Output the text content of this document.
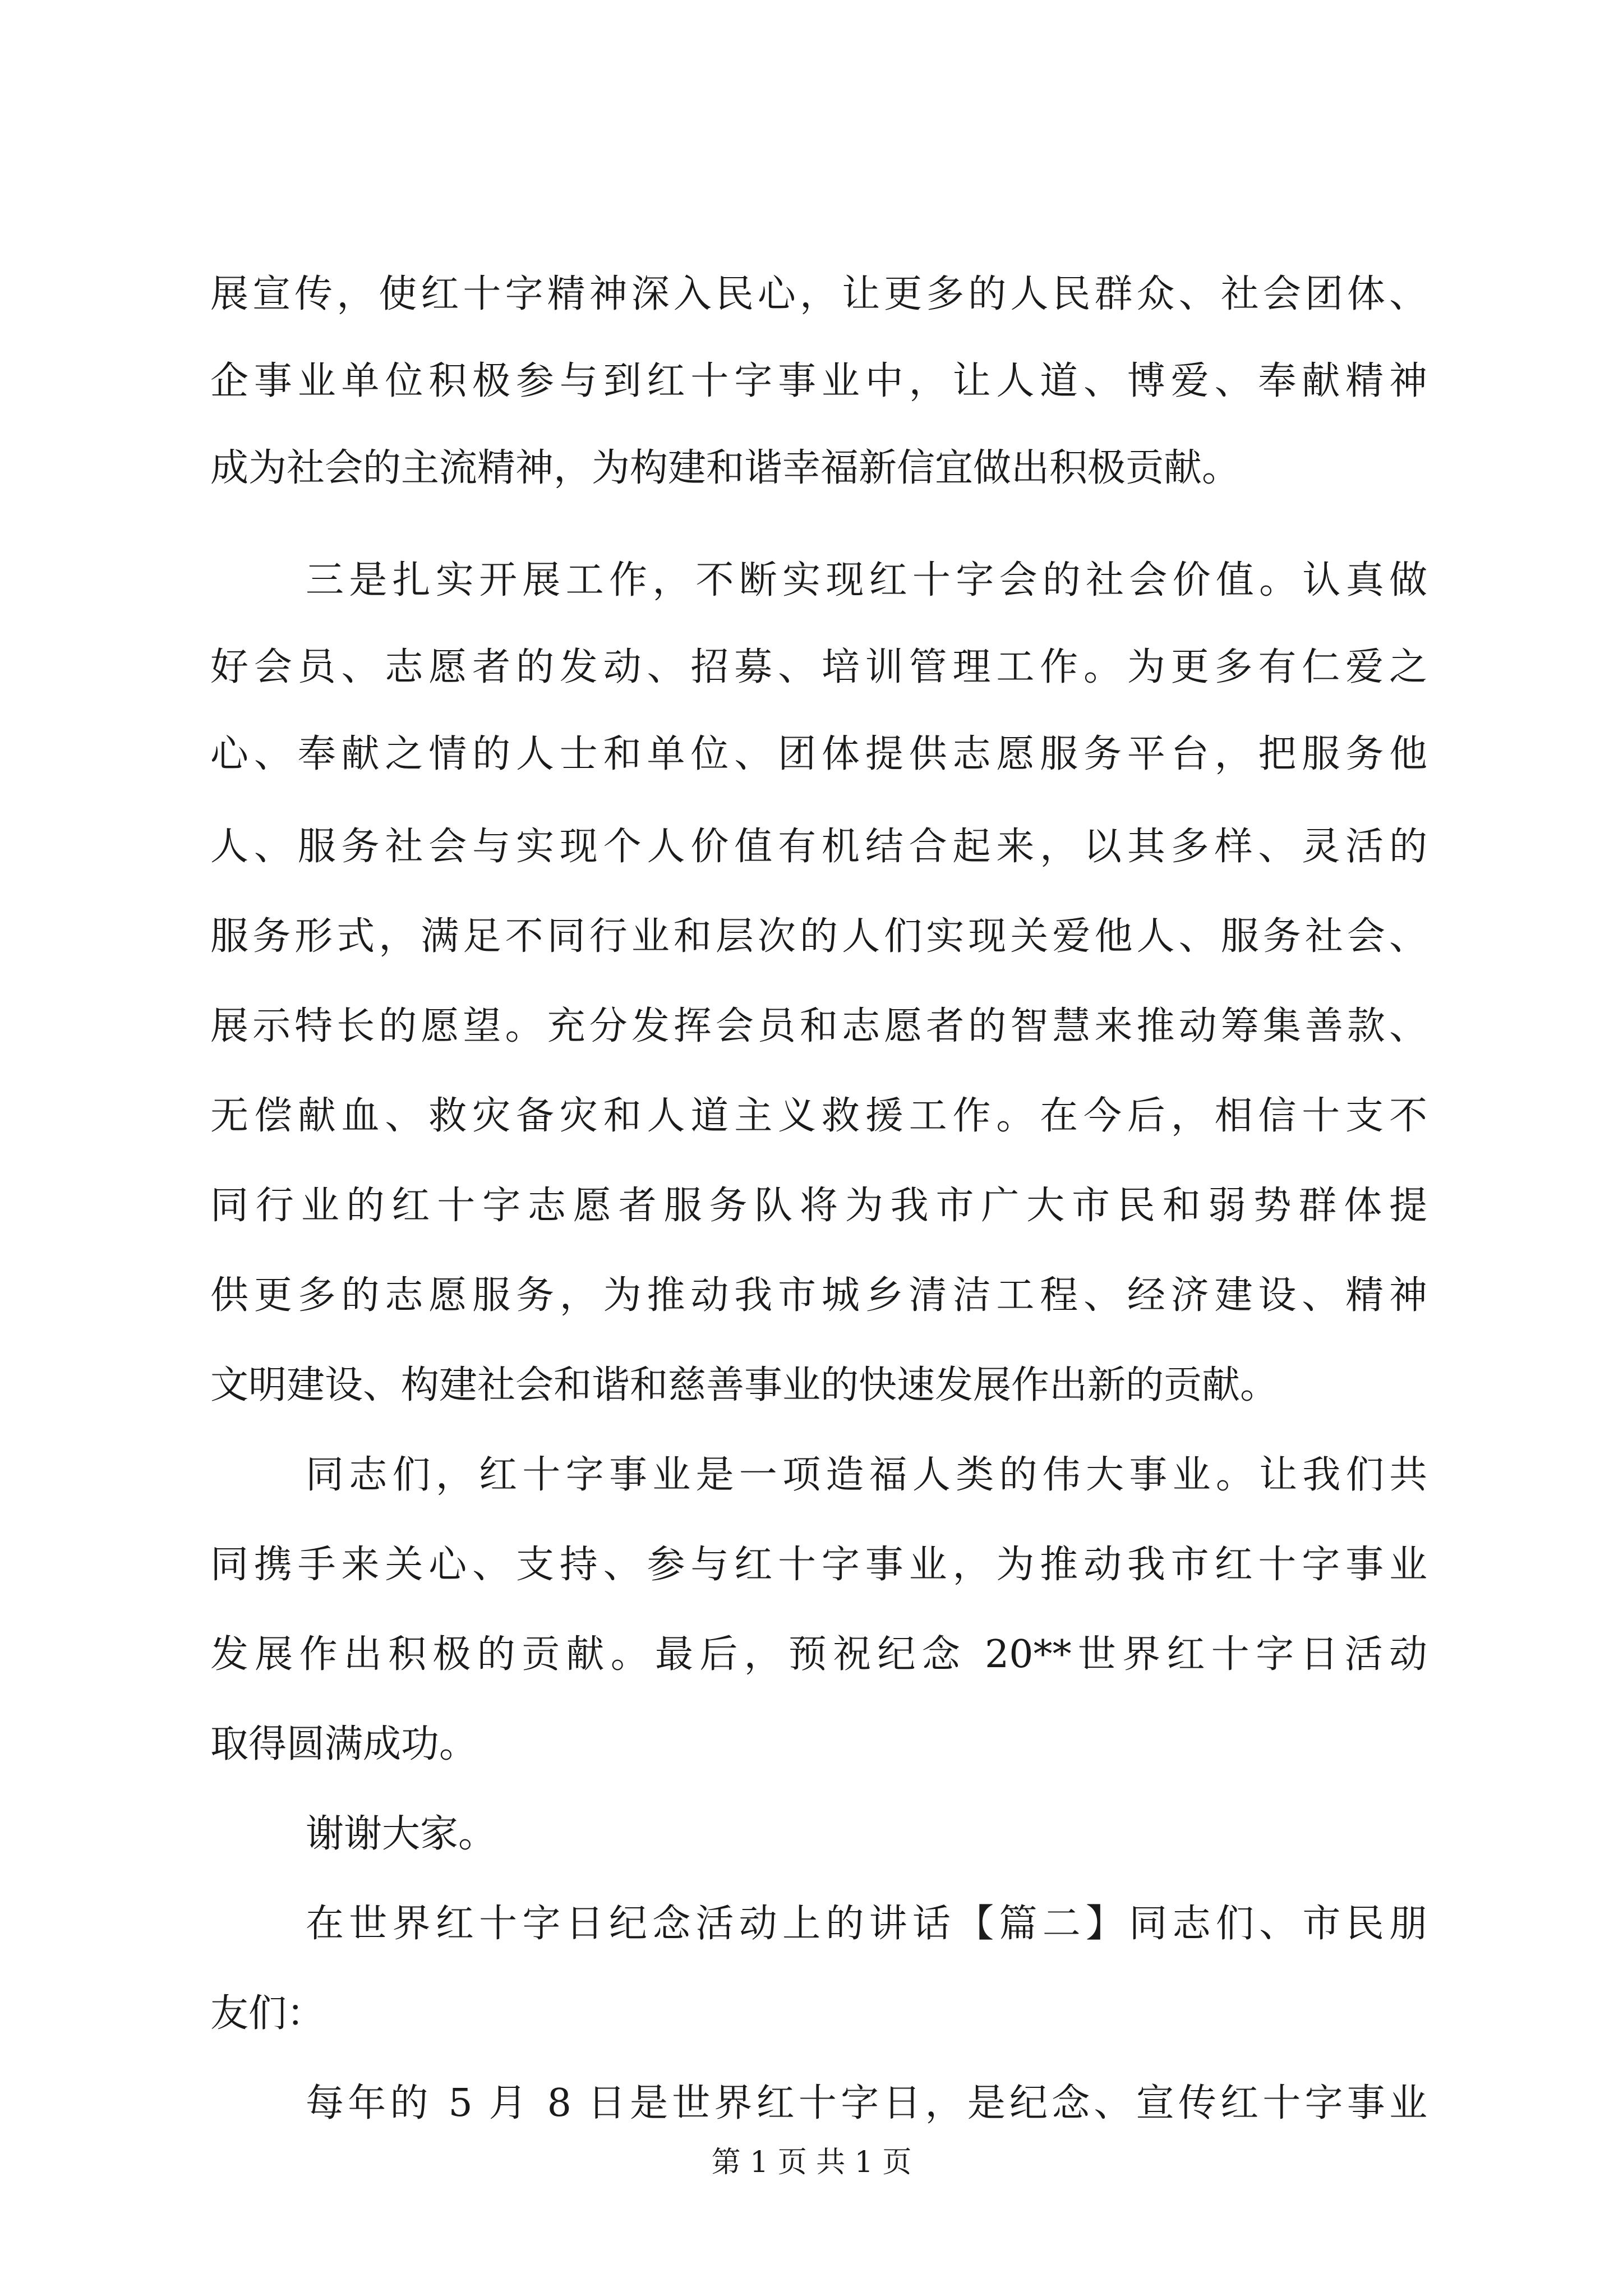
展宣传，使红十字精神深入民心，让更多的人民群众、社会团体、
企事业单位积极参与到红十字事业中，让人道、博爱、奉献精神
成为社会的主流精神，为构建和谐幸福新信宜做出积极贡献。
三是扎实开展工作，不断实现红十字会的社会价值。认真做
好会员、志愿者的发动、招募、培训管理工作。为更多有仁爱之
心、奉献之情的人士和单位、团体提供志愿服务平台，把服务他
人、服务社会与实现个人价值有机结合起来，以其多样、灵活的
服务形式，满足不同行业和层次的人们实现关爱他人、服务社会、
展示特长的愿望。充分发挥会员和志愿者的智慧来推动筹集善款、
无偿献血、救灾备灾和人道主义救援工作。在今后，相信十支不
同行业的红十字志愿者服务队将为我市广大市民和弱势群体提
供更多的志愿服务，为推动我市城乡清洁工程、经济建设、精神
文明建设、构建社会和谐和慈善事业的快速发展作出新的贡献。
同志们，红十字事业是一项造福人类的伟大事业。让我们共
同携手来关心、支持、参与红十字事业，为推动我市红十字事业
发展作出积极的贡献。最后，预祝纪念 20**世界红十字日活动
取得圆满成功。
谢谢大家。
在世界红十字日纪念活动上的讲话【篇二】同志们、市民朋
友们：
每年的 5 月 8 日是世界红十字日，是纪念、宣传红十字事业
第 1 页 共 1 页
